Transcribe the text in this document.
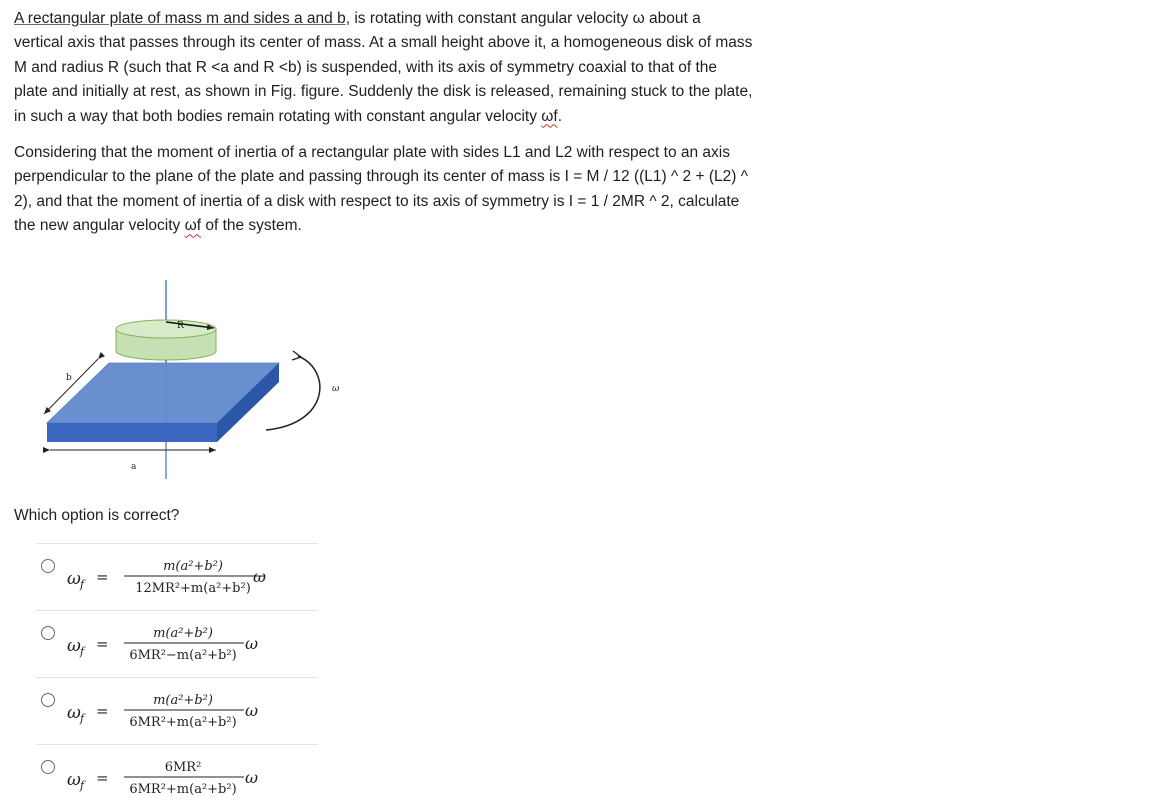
A rectangular plate of mass m and sides a and b, is rotating with constant angular velocity ω about a vertical axis that passes through its center of mass. At a small height above it, a homogeneous disk of mass M and radius R (such that R <a and R <b) is suspended, with its axis of symmetry coaxial to that of the plate and initially at rest, as shown in Fig. figure. Suddenly the disk is released, remaining stuck to the plate, in such a way that both bodies remain rotating with constant angular velocity ωf.

Considering that the moment of inertia of a rectangular plate with sides L1 and L2 with respect to an axis perpendicular to the plane of the plate and passing through its center of mass is I = M / 12 ((L1) ^ 2 + (L2) ^ 2), and that the moment of inertia of a disk with respect to its axis of symmetry is I = 1 / 2MR ^ 2, calculate the new angular velocity ωf of the system.

R
b
a
ω
Which option is correct?
ω f =
m(a²+b²)
12MR²+m(a²+b²)
ω
ω f =
m(a²+b²)
6MR²−m(a²+b²)
ω
ω f =
m(a²+b²)
6MR²+m(a²+b²)
ω
ω f =
6MR²
6MR²+m(a²+b²)
ω
